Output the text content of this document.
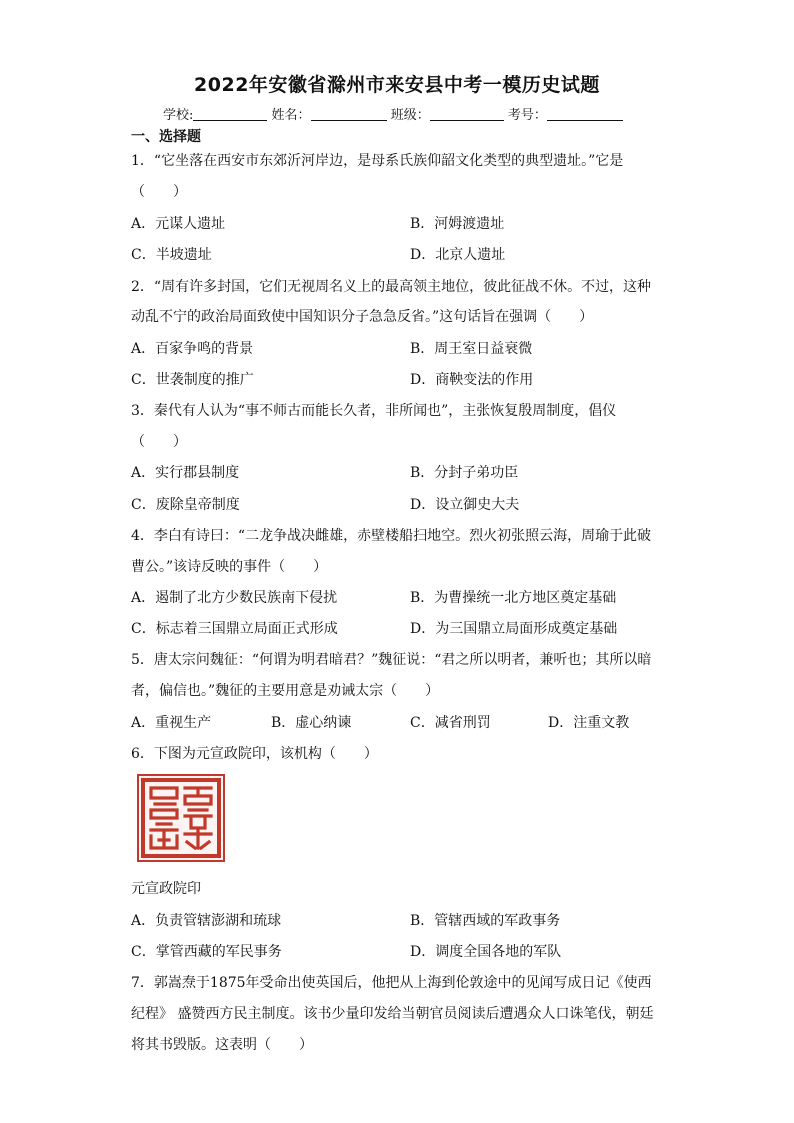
2022年安徽省滁州市来安县中考一模历史试题
学校:	姓名：	班级：	考号：
一、选择题
1．“它坐落在西安市东郊沂河岸边，是母系氏族仰韶文化类型的典型遗址。”它是
（　　）
A．元谋人遗址	B．河姆渡遗址
C．半坡遗址	D．北京人遗址
2．“周有许多封国，它们无视周名义上的最高领主地位，彼此征战不休。不过，这种
动乱不宁的政治局面致使中国知识分子急急反省。”这句话旨在强调（　　）
A．百家争鸣的背景	B．周王室日益衰微
C．世袭制度的推广	D．商鞅变法的作用
3．秦代有人认为“事不师古而能长久者，非所闻也”，主张恢复殷周制度，倡仪
（　　）
A．实行郡县制度	B．分封子弟功臣
C．废除皇帝制度	D．设立御史大夫
4．李白有诗曰：“二龙争战决雌雄，赤壁楼船扫地空。烈火初张照云海，周瑜于此破
曹公。”该诗反映的事件（　　）
A．遏制了北方少数民族南下侵扰	B．为曹操统一北方地区奠定基础
C．标志着三国鼎立局面正式形成	D．为三国鼎立局面形成奠定基础
5．唐太宗问魏征：“何谓为明君暗君？”魏征说：“君之所以明者，兼听也；其所以暗
者，偏信也。”魏征的主要用意是劝诫太宗（　　）
A．重视生产	B．虚心纳谏	C．减省刑罚	D．注重文教
6．下图为元宣政院印，该机构（　　）
元宣政院印
A．负责管辖澎湖和琉球	B．管辖西域的军政事务
C．掌管西藏的军民事务	D．调度全国各地的军队
7．郭嵩焘于1875年受命出使英国后，他把从上海到伦敦途中的见闻写成日记《使西
纪程》 盛赞西方民主制度。该书少量印发给当朝官员阅读后遭遇众人口诛笔伐，朝廷
将其书毁版。这表明（　　）
